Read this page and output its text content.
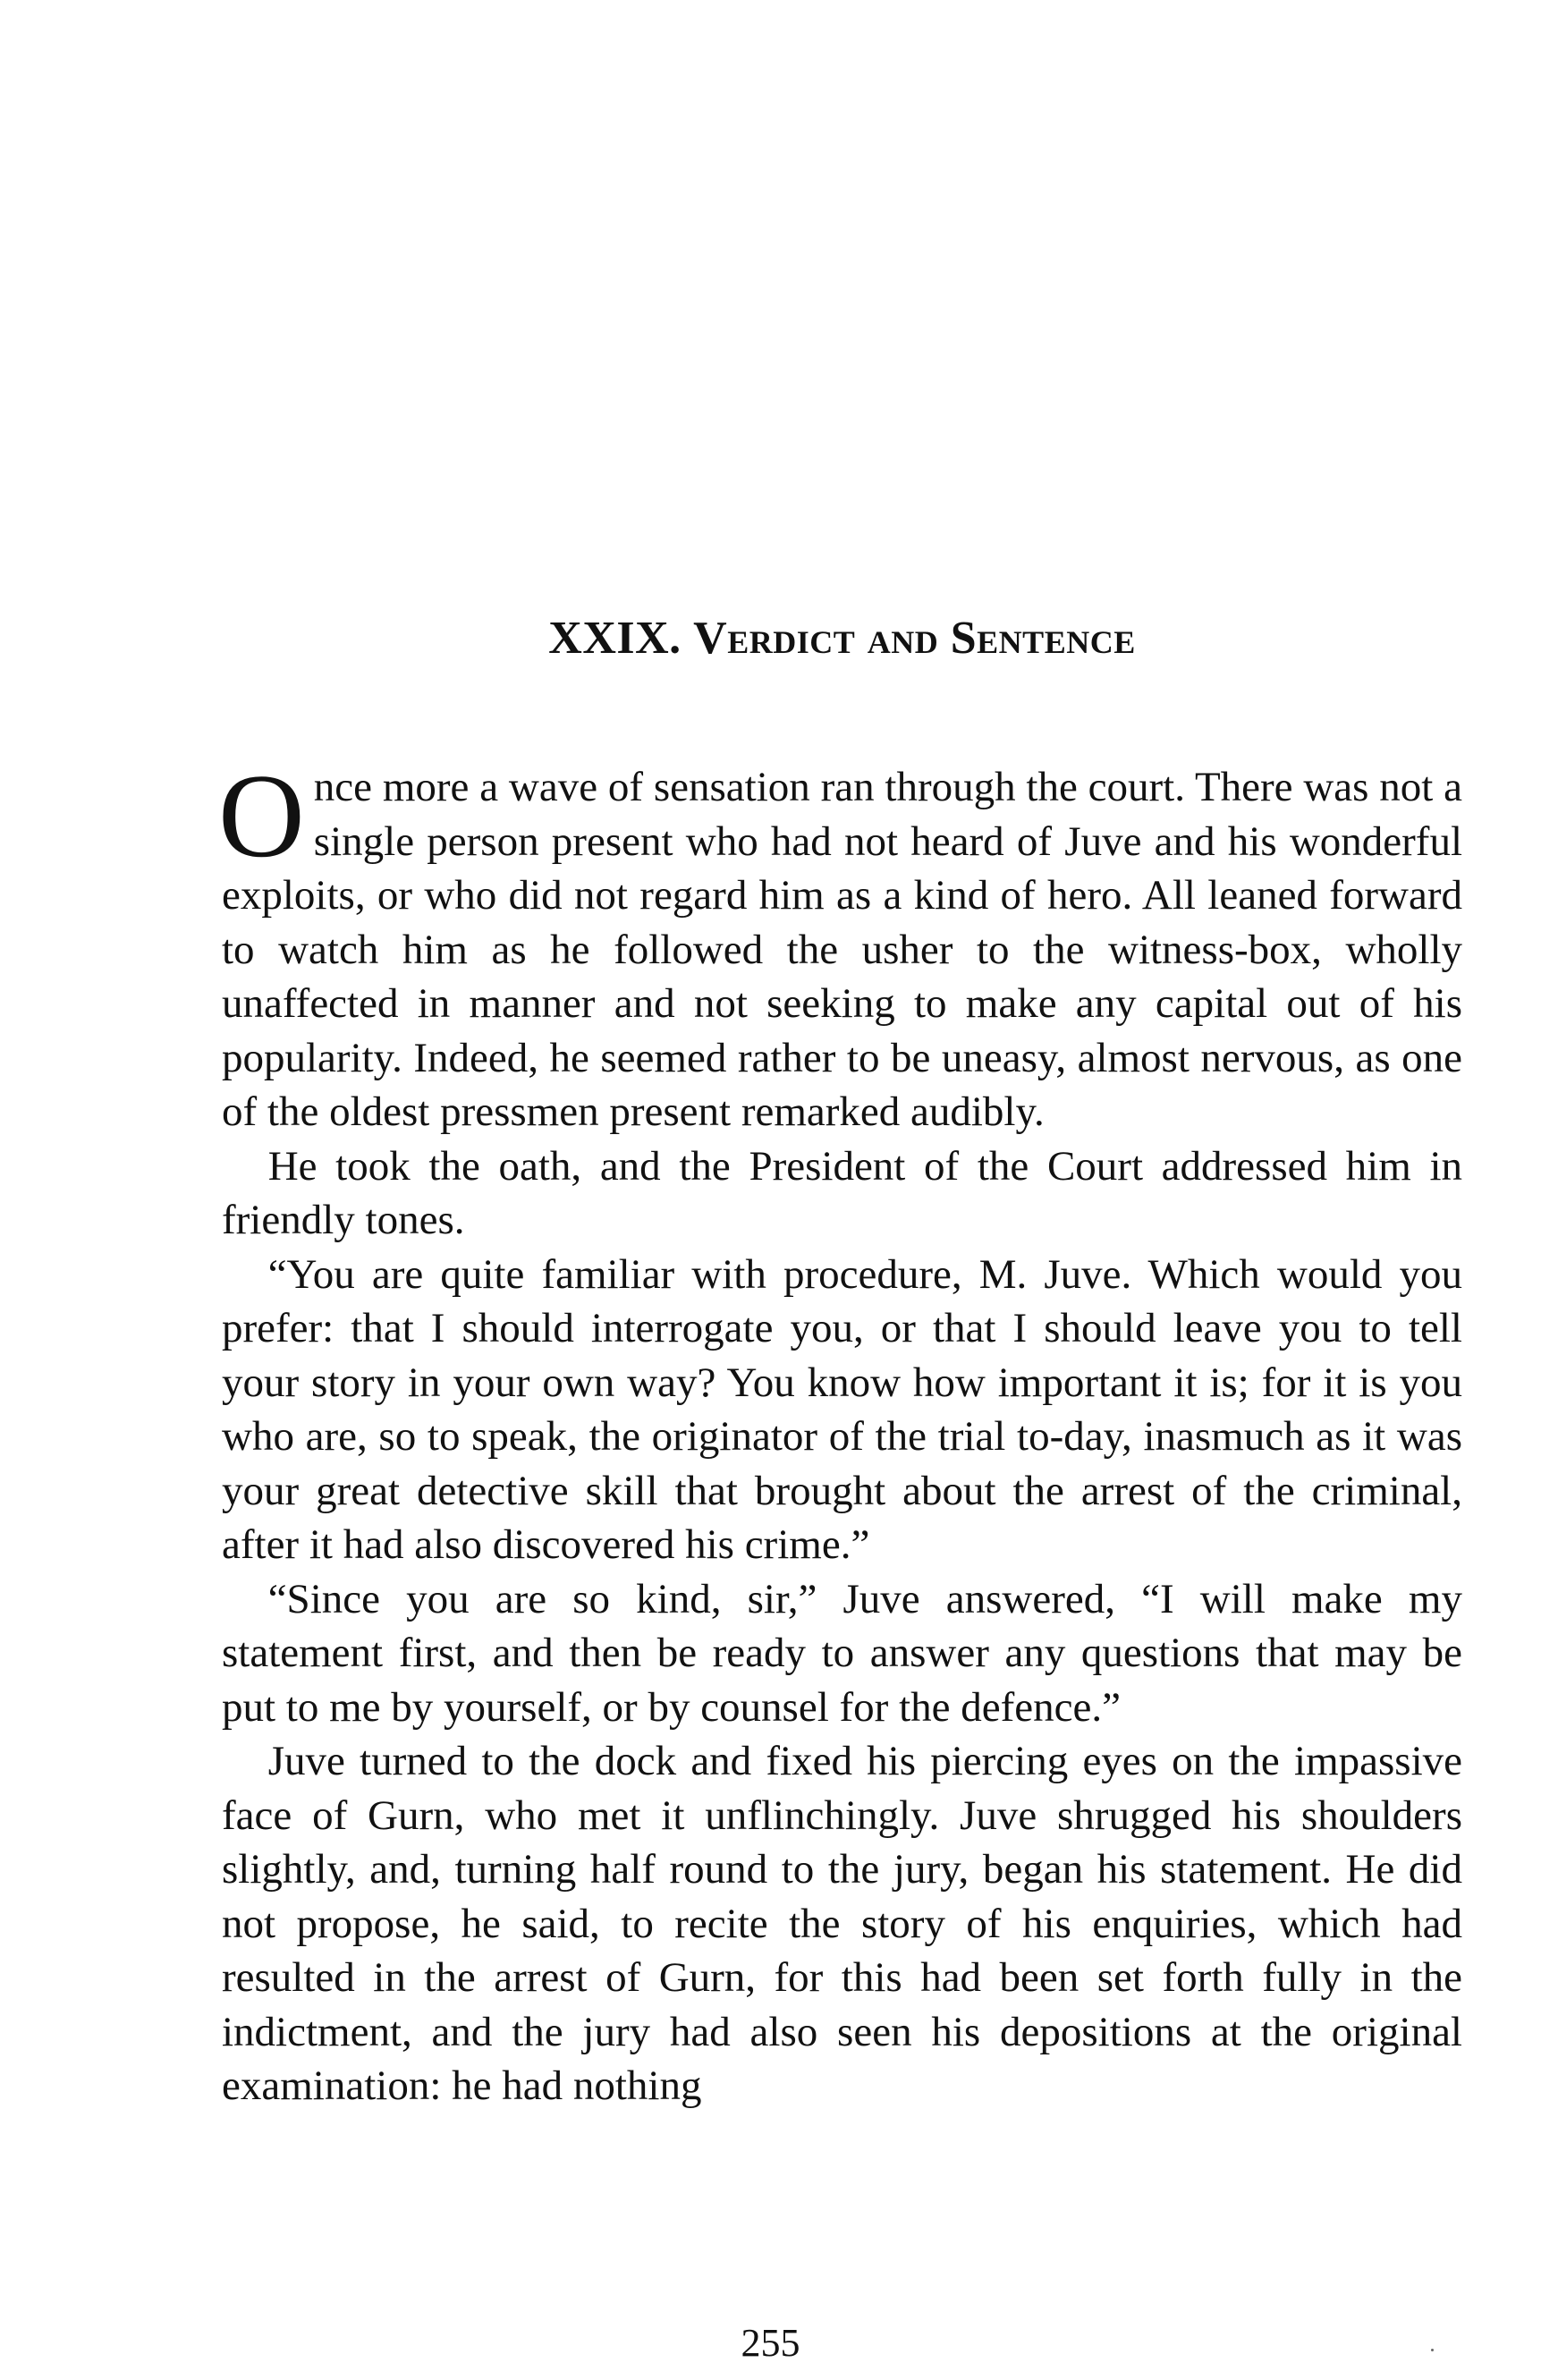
XXIX. Verdict and Sentence

Once more a wave of sensation ran through the court. There was not a single person present who had not heard of Juve and his wonderful exploits, or who did not regard him as a kind of hero. All leaned forward to watch him as he followed the usher to the witness-box, wholly unaffected in manner and not seeking to make any capital out of his popularity. Indeed, he seemed rather to be uneasy, almost nervous, as one of the oldest pressmen present remarked audibly.

He took the oath, and the President of the Court addressed him in friendly tones.

“You are quite familiar with procedure, M. Juve. Which would you prefer: that I should interrogate you, or that I should leave you to tell your story in your own way? You know how important it is; for it is you who are, so to speak, the originator of the trial to-day, inasmuch as it was your great detective skill that brought about the arrest of the criminal, after it had also discovered his crime.”

“Since you are so kind, sir,” Juve answered, “I will make my statement first, and then be ready to answer any questions that may be put to me by yourself, or by counsel for the defence.”

Juve turned to the dock and fixed his piercing eyes on the impassive face of Gurn, who met it unflinchingly. Juve shrugged his shoulders slightly, and, turning half round to the jury, began his statement. He did not propose, he said, to recite the story of his enquiries, which had resulted in the arrest of Gurn, for this had been set forth fully in the indictment, and the jury had also seen his depositions at the original examination: he had nothing

255
